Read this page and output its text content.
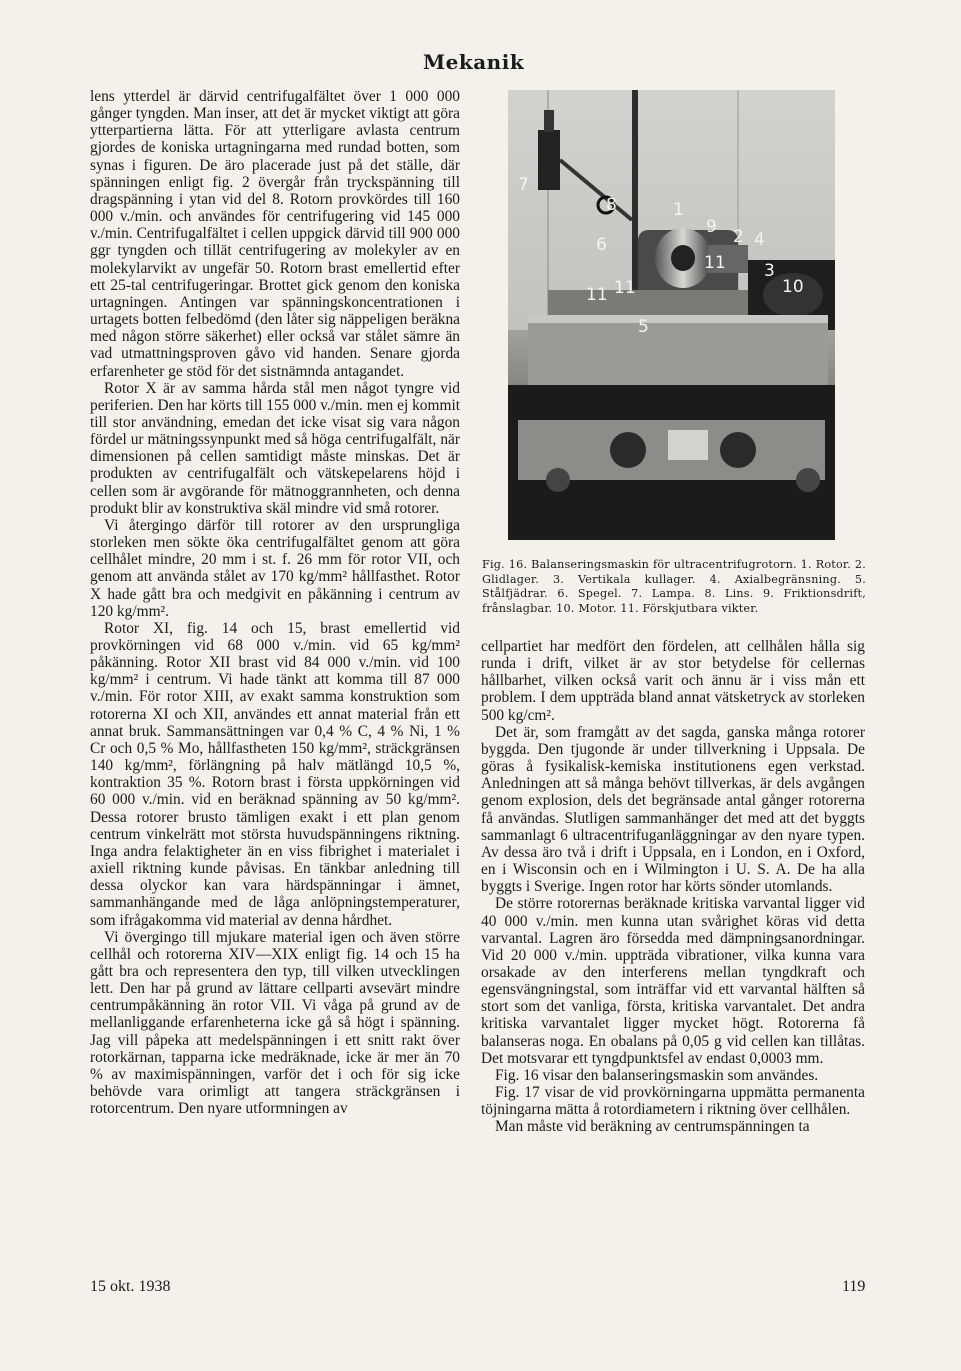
Mekanik

lens ytterdel är därvid centrifugalfältet över 1 000 000 gånger tyngden. Man inser, att det är mycket viktigt att göra ytterpartierna lätta. För att ytterligare avlasta centrum gjordes de koniska urtagningarna med rundad botten, som synas i figuren. De äro placerade just på det ställe, där spänningen enligt fig. 2 övergår från tryckspänning till dragspänning i ytan vid del 8. Rotorn provkördes till 160 000 v./min. och användes för centrifugering vid 145 000 v./min. Centrifugalfältet i cellen uppgick därvid till 900 000 ggr tyngden och tillät centrifugering av molekyler av en molekylarvikt av ungefär 50. Rotorn brast emellertid efter ett 25-tal centrifugeringar. Brottet gick genom den koniska urtagningen. Antingen var spänningskoncentrationen i urtagets botten felbedömd (den låter sig näppeligen beräkna med någon större säkerhet) eller också var stålet sämre än vad utmattningsproven gåvo vid handen. Senare gjorda erfarenheter ge stöd för det sistnämnda antagandet.

Rotor X är av samma hårda stål men något tyngre vid periferien. Den har körts till 155 000 v./min. men ej kommit till stor användning, emedan det icke visat sig vara någon fördel ur mätningssynpunkt med så höga centrifugalfält, när dimensionen på cellen samtidigt måste minskas. Det är produkten av centrifugalfält och vätskepelarens höjd i cellen som är avgörande för mätnoggrannheten, och denna produkt blir av konstruktiva skäl mindre vid små rotorer.

Vi återgingo därför till rotorer av den ursprungliga storleken men sökte öka centrifugalfältet genom att göra cellhålet mindre, 20 mm i st. f. 26 mm för rotor VII, och genom att använda stålet av 170 kg/mm² hållfasthet. Rotor X hade gått bra och medgivit en påkänning i centrum av 120 kg/mm².

Rotor XI, fig. 14 och 15, brast emellertid vid provkörningen vid 68 000 v./min. vid 65 kg/mm² påkänning. Rotor XII brast vid 84 000 v./min. vid 100 kg/mm² i centrum. Vi hade tänkt att komma till 87 000 v./min. För rotor XIII, av exakt samma konstruktion som rotorerna XI och XII, användes ett annat material från ett annat bruk. Sammansättningen var 0,4 % C, 4 % Ni, 1 % Cr och 0,5 % Mo, hållfastheten 150 kg/mm², sträckgränsen 140 kg/mm², förlängning på halv mätlängd 10,5 %, kontraktion 35 %. Rotorn brast i första uppkörningen vid 60 000 v./min. vid en beräknad spänning av 50 kg/mm². Dessa rotorer brusto tämligen exakt i ett plan genom centrum vinkelrätt mot största huvudspänningens riktning. Inga andra felaktigheter än en viss fibrighet i materialet i axiell riktning kunde påvisas. En tänkbar anledning till dessa olyckor kan vara härdspänningar i ämnet, sammanhängande med de låga anlöpningstemperaturer, som ifrågakomma vid material av denna hårdhet.

Vi övergingo till mjukare material igen och även större cellhål och rotorerna XIV—XIX enligt fig. 14 och 15 ha gått bra och representera den typ, till vilken utvecklingen lett. Den har på grund av lättare cellparti avsevärt mindre centrumpåkänning än rotor VII. Vi våga på grund av de mellanliggande erfarenheterna icke gå så högt i spänning. Jag vill påpeka att medelspänningen i ett snitt rakt över rotorkärnan, tapparna icke medräknade, icke är mer än 70 % av maximispänningen, varför det i och för sig icke behövde vara orimligt att tangera sträckgränsen i rotorcentrum. Den nyare utformningen av

7
1
8
9 2 4
6
3
11
10
11 11
5
Fig. 16. Balanseringsmaskin för ultracentrifugrotorn. 1. Rotor. 2. Glidlager. 3. Vertikala kullager. 4. Axialbegränsning. 5. Stålfjädrar. 6. Spegel. 7. Lampa. 8. Lins. 9. Friktionsdrift, frånslagbar. 10. Motor. 11. Förskjutbara vikter.

cellpartiet har medfört den fördelen, att cellhålen hålla sig runda i drift, vilket är av stor betydelse för cellernas hållbarhet, vilken också varit och ännu är i viss mån ett problem. I dem uppträda bland annat vätsketryck av storleken 500 kg/cm².

Det är, som framgått av det sagda, ganska många rotorer byggda. Den tjugonde är under tillverkning i Uppsala. De göras å fysikalisk-kemiska institutionens egen verkstad. Anledningen att så många behövt tillverkas, är dels avgången genom explosion, dels det begränsade antal gånger rotorerna få användas. Slutligen sammanhänger det med att det byggts sammanlagt 6 ultracentrifuganläggningar av den nyare typen. Av dessa äro två i drift i Uppsala, en i London, en i Oxford, en i Wisconsin och en i Wilmington i U. S. A. De ha alla byggts i Sverige. Ingen rotor har körts sönder utomlands.

De större rotorernas beräknade kritiska varvantal ligger vid 40 000 v./min. men kunna utan svårighet köras vid detta varvantal. Lagren äro försedda med dämpningsanordningar. Vid 20 000 v./min. uppträda vibrationer, vilka kunna vara orsakade av den interferens mellan tyngdkraft och egensvängningstal, som inträffar vid ett varvantal hälften så stort som det vanliga, första, kritiska varvantalet. Det andra kritiska varvantalet ligger mycket högt. Rotorerna få balanseras noga. En obalans på 0,05 g vid cellen kan tillåtas. Det motsvarar ett tyngdpunktsfel av endast 0,0003 mm.

Fig. 16 visar den balanseringsmaskin som användes.

Fig. 17 visar de vid provkörningarna uppmätta permanenta töjningarna mätta å rotordiametern i riktning över cellhålen.

Man måste vid beräkning av centrumspänningen ta

15 okt. 1938	119
